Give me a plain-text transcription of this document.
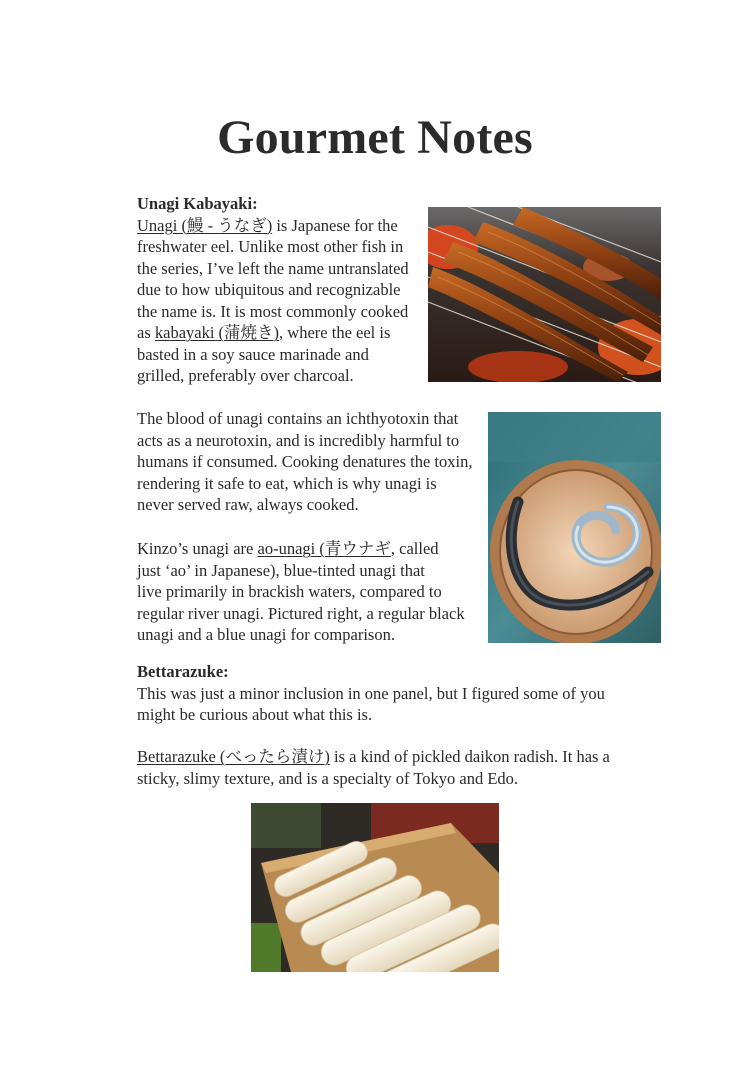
Gourmet Notes
Unagi Kabayaki:
Unagi (鰻 - うなぎ) is Japanese for the
freshwater eel. Unlike most other fish in
the series, I’ve left the name untranslated
due to how ubiquitous and recognizable
the name is. It is most commonly cooked
as kabayaki (蒲焼き), where the eel is
basted in a soy sauce marinade and
grilled, preferably over charcoal.
The blood of unagi contains an ichthyotoxin that
acts as a neurotoxin, and is incredibly harmful to
humans if consumed. Cooking denatures the toxin,
rendering it safe to eat, which is why unagi is
never served raw, always cooked.
Kinzo’s unagi are ao-unagi (青ウナギ, called
just ‘ao’ in Japanese), blue-tinted unagi that
live primarily in brackish waters, compared to
regular river unagi. Pictured right, a regular black
unagi and a blue unagi for comparison.
Bettarazuke:
This was just a minor inclusion in one panel, but I figured some of you
might be curious about what this is.
Bettarazuke (べったら漬け) is a kind of pickled daikon radish. It has a
sticky, slimy texture, and is a specialty of Tokyo and Edo.
